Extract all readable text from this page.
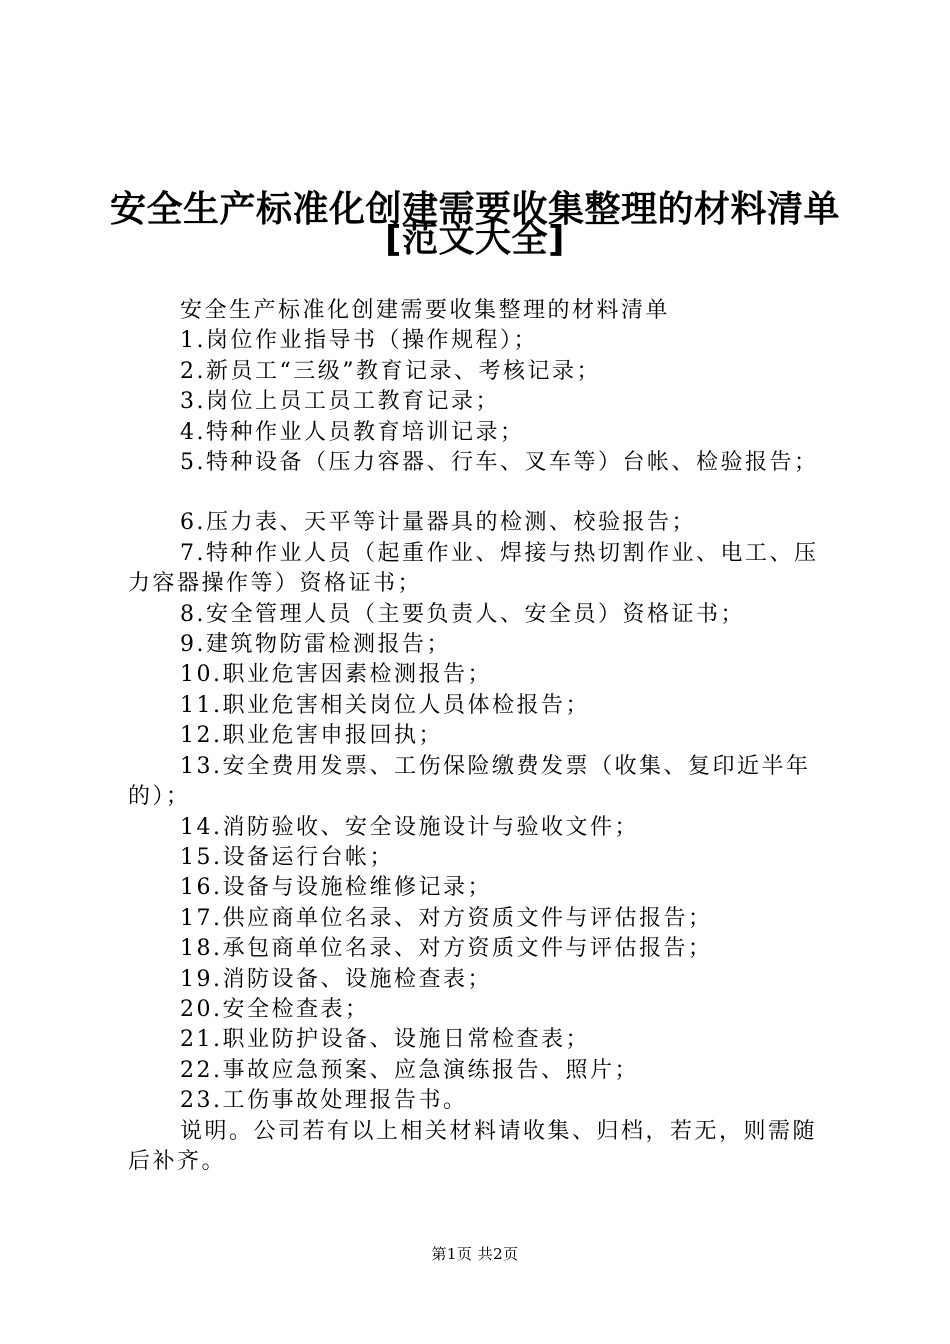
安全生产标准化创建需要收集整理的材料清单
[范文大全]

安全生产标准化创建需要收集整理的材料清单

1.岗位作业指导书（操作规程）；

2.新员工“三级”教育记录、考核记录；

3.岗位上员工员工教育记录；

4.特种作业人员教育培训记录；

5.特种设备（压力容器、行车、叉车等）台帐、检验报告；

6.压力表、天平等计量器具的检测、校验报告；

7.特种作业人员（起重作业、焊接与热切割作业、电工、压力容器操作等）资格证书；

8.安全管理人员（主要负责人、安全员）资格证书；

9.建筑物防雷检测报告；

10.职业危害因素检测报告；

11.职业危害相关岗位人员体检报告；

12.职业危害申报回执；

13.安全费用发票、工伤保险缴费发票（收集、复印近半年的）；

14.消防验收、安全设施设计与验收文件；

15.设备运行台帐；

16.设备与设施检维修记录；

17.供应商单位名录、对方资质文件与评估报告；

18.承包商单位名录、对方资质文件与评估报告；

19.消防设备、设施检查表；

20.安全检查表；

21.职业防护设备、设施日常检查表；

22.事故应急预案、应急演练报告、照片；

23.工伤事故处理报告书。

说明。公司若有以上相关材料请收集、归档，若无，则需随后补齐。

第1页 共2页
